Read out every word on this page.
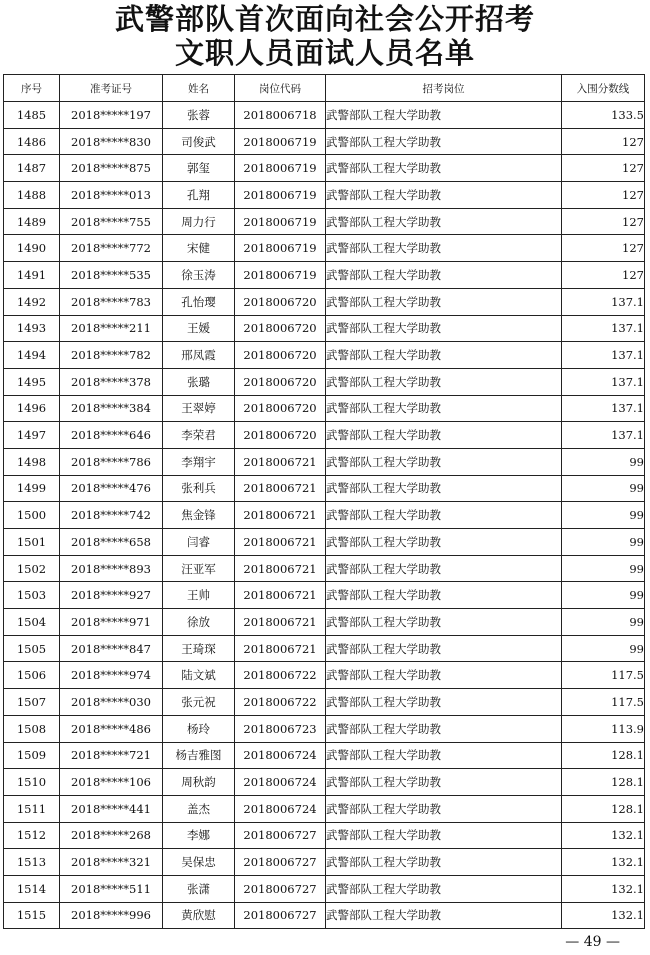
武警部队首次面向社会公开招考
文职人员面试人员名单
序号	准考证号	姓名	岗位代码	招考岗位	入围分数线
1485	2018*****197	张蓉	2018006718	武警部队工程大学助教	133.5
1486	2018*****830	司俊武	2018006719	武警部队工程大学助教	127
1487	2018*****875	郭玺	2018006719	武警部队工程大学助教	127
1488	2018*****013	孔翔	2018006719	武警部队工程大学助教	127
1489	2018*****755	周力行	2018006719	武警部队工程大学助教	127
1490	2018*****772	宋健	2018006719	武警部队工程大学助教	127
1491	2018*****535	徐玉涛	2018006719	武警部队工程大学助教	127
1492	2018*****783	孔怡璎	2018006720	武警部队工程大学助教	137.1
1493	2018*****211	王媛	2018006720	武警部队工程大学助教	137.1
1494	2018*****782	邢凤霞	2018006720	武警部队工程大学助教	137.1
1495	2018*****378	张璐	2018006720	武警部队工程大学助教	137.1
1496	2018*****384	王翠婷	2018006720	武警部队工程大学助教	137.1
1497	2018*****646	李荣君	2018006720	武警部队工程大学助教	137.1
1498	2018*****786	李翔宇	2018006721	武警部队工程大学助教	99
1499	2018*****476	张利兵	2018006721	武警部队工程大学助教	99
1500	2018*****742	焦金锋	2018006721	武警部队工程大学助教	99
1501	2018*****658	闫睿	2018006721	武警部队工程大学助教	99
1502	2018*****893	汪亚军	2018006721	武警部队工程大学助教	99
1503	2018*****927	王帅	2018006721	武警部队工程大学助教	99
1504	2018*****971	徐放	2018006721	武警部队工程大学助教	99
1505	2018*****847	王琦琛	2018006721	武警部队工程大学助教	99
1506	2018*****974	陆文斌	2018006722	武警部队工程大学助教	117.5
1507	2018*****030	张元祝	2018006722	武警部队工程大学助教	117.5
1508	2018*****486	杨玲	2018006723	武警部队工程大学助教	113.9
1509	2018*****721	杨吉雅图	2018006724	武警部队工程大学助教	128.1
1510	2018*****106	周秋韵	2018006724	武警部队工程大学助教	128.1
1511	2018*****441	盖杰	2018006724	武警部队工程大学助教	128.1
1512	2018*****268	李娜	2018006727	武警部队工程大学助教	132.1
1513	2018*****321	吴保忠	2018006727	武警部队工程大学助教	132.1
1514	2018*****511	张潇	2018006727	武警部队工程大学助教	132.1
1515	2018*****996	黄欣慰	2018006727	武警部队工程大学助教	132.1
— 49 —
